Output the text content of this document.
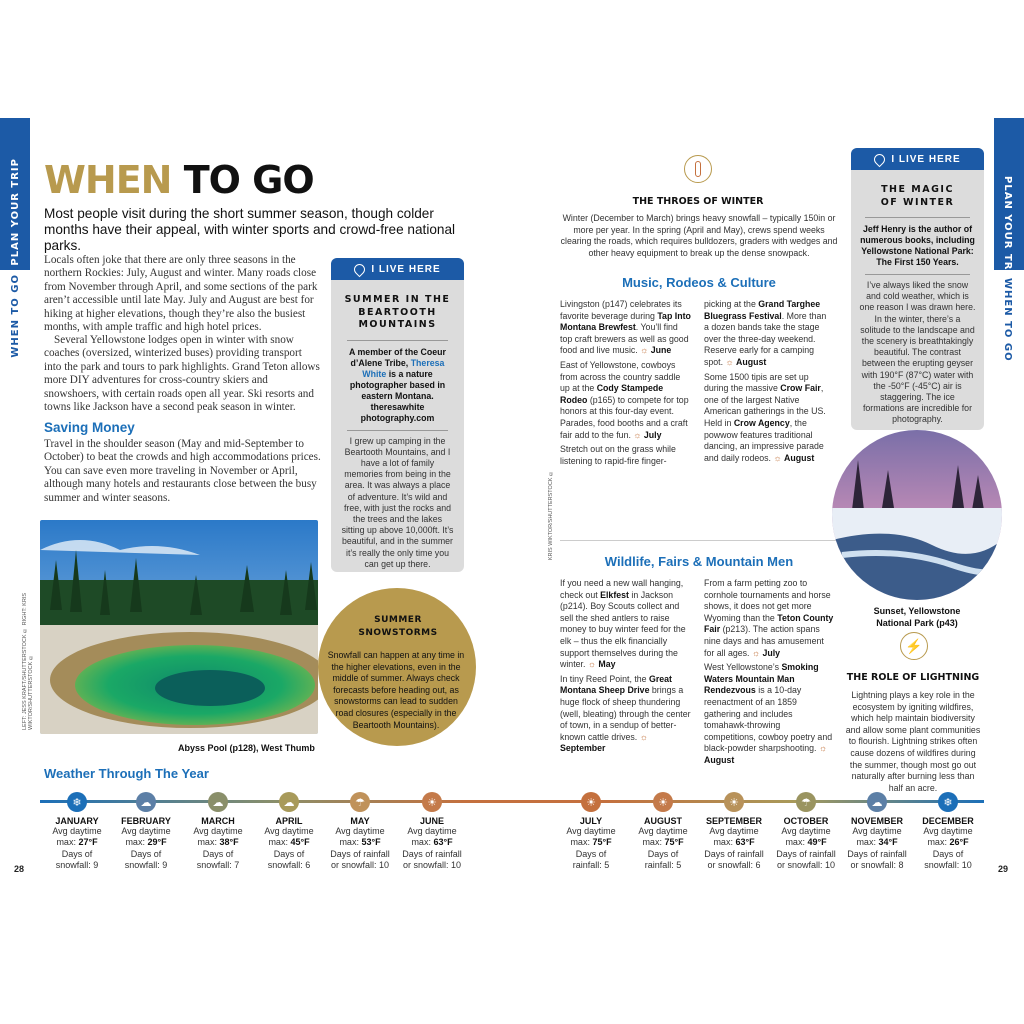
PLAN YOUR TRIP
WHEN TO GO
PLAN YOUR TRIP
WHEN TO GO
WHEN TO GO
Most people visit during the short summer season, though colder months have their appeal, with winter sports and crowd-free national parks.
Locals often joke that there are only three seasons in the northern Rockies: July, August and winter. Many roads close from November through April, and some sections of the park aren’t accessible until late May. July and August are best for hiking at higher elevations, though they’re also the busiest months, with ample traffic and high hotel prices.
Several Yellowstone lodges open in winter with snow coaches (oversized, winterized buses) providing transport into the park and tours to park highlights. Grand Teton allows more DIY adventures for cross-country skiers and snowshoers, with certain roads open all year. Ski resorts and towns like Jackson have a second peak season in winter.
Saving Money
Travel in the shoulder season (May and mid-September to October) to beat the crowds and high accommodations prices. You can save even more traveling in November or April, although many hotels and restaurants close between the busy summer and winter seasons.
I LIVE HERE
SUMMER IN THE BEARTOOTH MOUNTAINS
A member of the Coeur d’Alene Tribe, Theresa White is a nature photographer based in eastern Montana. theresawhite photography.com
I grew up camping in the Beartooth Mountains, and I have a lot of family memories from being in the area. It was always a place of adventure. It’s wild and free, with just the rocks and the trees and the lakes sitting up above 10,000ft. It’s beautiful, and in the summer it’s really the only time you can get up there.
LEFT: JESS KRAFT/SHUTTERSTOCK © RIGHT: KRIS WIKTOR/SHUTTERSTOCK ©
Abyss Pool (p128), West Thumb
SUMMER SNOWSTORMS
Snowfall can happen at any time in the higher elevations, even in the middle of summer. Always check forecasts before heading out, as snowstorms can lead to sudden road closures (especially in the Beartooth Mountains).
THE THROES OF WINTER
Winter (December to March) brings heavy snowfall – typically 150in or more per year. In the spring (April and May), crews spend weeks clearing the roads, which requires bulldozers, graders with wedges and other heavy equipment to break up the dense snowpack.
Music, Rodeos & Culture
Livingston (p147) celebrates its favorite beverage during Tap Into Montana Brewfest. You’ll find top craft brewers as well as good food and live music. ☼ June
East of Yellowstone, cowboys from across the country saddle up at the Cody Stampede Rodeo (p165) to compete for top honors at this four-day event. Parades, food booths and a craft fair add to the fun. ☼ July
Stretch out on the grass while listening to rapid-fire finger-
KRIS WIKTOR/SHUTTERSTOCK ©
picking at the Grand Targhee Bluegrass Festival. More than a dozen bands take the stage over the three-day weekend. Reserve early for a camping spot. ☼ August
Some 1500 tipis are set up during the massive Crow Fair, one of the largest Native American gatherings in the US. Held in Crow Agency, the powwow features traditional dancing, an impressive parade and daily rodeos. ☼ August
Wildlife, Fairs & Mountain Men
If you need a new wall hanging, check out Elkfest in Jackson (p214). Boy Scouts collect and sell the shed antlers to raise money to buy winter feed for the elk – thus the elk financially support themselves during the winter. ☼ May
In tiny Reed Point, the Great Montana Sheep Drive brings a huge flock of sheep thundering (well, bleating) through the center of town, in a sendup of better-known cattle drives. ☼ September
From a farm petting zoo to cornhole tournaments and horse shows, it does not get more Wyoming than the Teton County Fair (p213). The action spans nine days and has amusement for all ages. ☼ July
West Yellowstone’s Smoking Waters Mountain Man Rendezvous is a 10-day reenactment of an 1859 gathering and includes tomahawk-throwing competitions, cowboy poetry and black-powder sharpshooting. ☼ August
I LIVE HERE
THE MAGIC OF WINTER
Jeff Henry is the author of numerous books, including Yellowstone National Park: The First 150 Years.
I’ve always liked the snow and cold weather, which is one reason I was drawn here. In the winter, there’s a solitude to the landscape and the scenery is breathtakingly beautiful. The contrast between the erupting geyser with 190°F (87°C) water with the -50°F (-45°C) air is staggering. The ice formations are incredible for photography.
Sunset, Yellowstone National Park (p43)
⚡
THE ROLE OF LIGHTNING
Lightning plays a key role in the ecosystem by igniting wildfires, which help maintain biodiversity and allow some plant communities to flourish. Lightning strikes often cause dozens of wildfires during the summer, though most go out naturally after burning less than half an acre.
Weather Through The Year
❄
JANUARY
Avg daytime
max: 27°F
Days of
snowfall: 9
☁
FEBRUARY
Avg daytime
max: 29°F
Days of
snowfall: 9
☁
MARCH
Avg daytime
max: 38°F
Days of
snowfall: 7
☁
APRIL
Avg daytime
max: 45°F
Days of
snowfall: 6
☂
MAY
Avg daytime
max: 53°F
Days of rainfall
or snowfall: 10
☀
JUNE
Avg daytime
max: 63°F
Days of rainfall
or snowfall: 10
☀
JULY
Avg daytime
max: 75°F
Days of
rainfall: 5
☀
AUGUST
Avg daytime
max: 75°F
Days of
rainfall: 5
☀
SEPTEMBER
Avg daytime
max: 63°F
Days of rainfall
or snowfall: 6
☂
OCTOBER
Avg daytime
max: 49°F
Days of rainfall
or snowfall: 10
☁
NOVEMBER
Avg daytime
max: 34°F
Days of rainfall
or snowfall: 8
❄
DECEMBER
Avg daytime
max: 26°F
Days of
snowfall: 10
28	29
